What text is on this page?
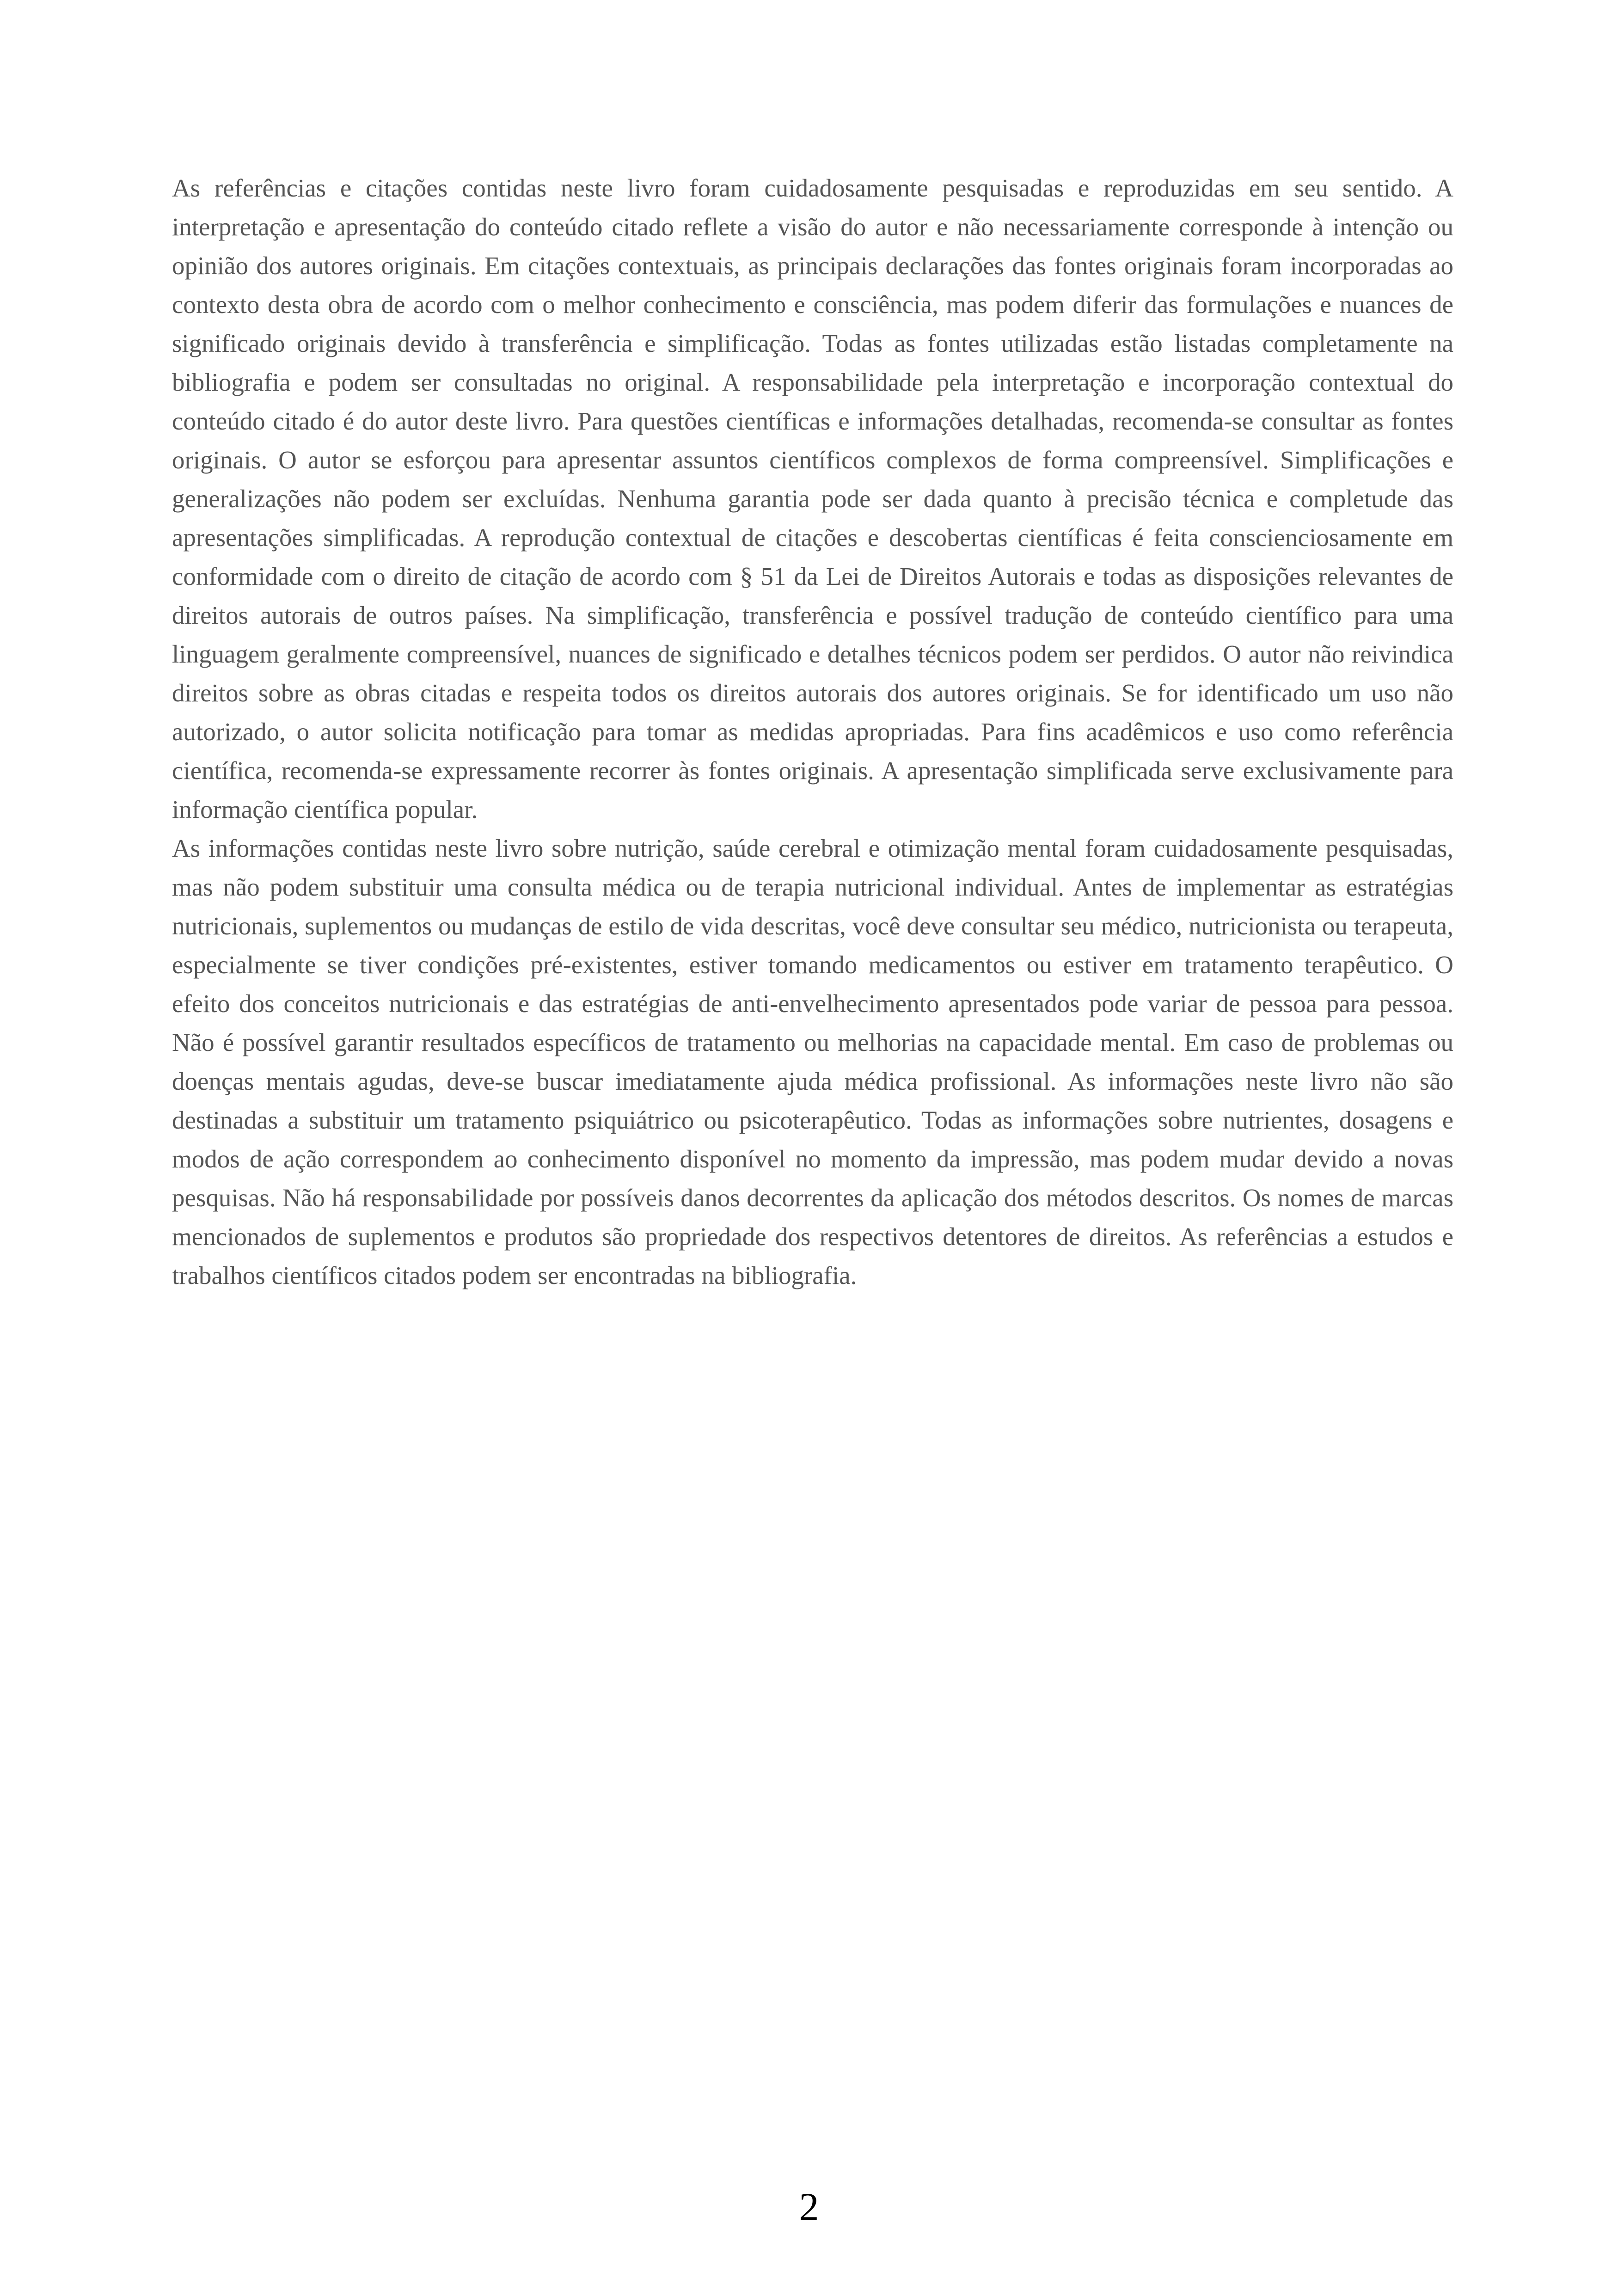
As referências e citações contidas neste livro foram cuidadosamente pesquisadas e reproduzidas em seu sentido. A interpretação e apresentação do conteúdo citado reflete a visão do autor e não necessariamente corresponde à intenção ou opinião dos autores originais. Em citações contextuais, as principais declarações das fontes originais foram incorporadas ao contexto desta obra de acordo com o melhor conhecimento e consciência, mas podem diferir das formulações e nuances de significado originais devido à transferência e simplificação. Todas as fontes utilizadas estão listadas completamente na bibliografia e podem ser consultadas no original. A responsabilidade pela interpretação e incorporação contextual do conteúdo citado é do autor deste livro. Para questões científicas e informações detalhadas, recomenda-se consultar as fontes originais. O autor se esforçou para apresentar assuntos científicos complexos de forma compreensível. Simplificações e generalizações não podem ser excluídas. Nenhuma garantia pode ser dada quanto à precisão técnica e completude das apresentações simplificadas. A reprodução contextual de citações e descobertas científicas é feita conscienciosamente em conformidade com o direito de citação de acordo com § 51 da Lei de Direitos Autorais e todas as disposições relevantes de direitos autorais de outros países. Na simplificação, transferência e possível tradução de conteúdo científico para uma linguagem geralmente compreensível, nuances de significado e detalhes técnicos podem ser perdidos. O autor não reivindica direitos sobre as obras citadas e respeita todos os direitos autorais dos autores originais. Se for identificado um uso não autorizado, o autor solicita notificação para tomar as medidas apropriadas. Para fins acadêmicos e uso como referência científica, recomenda-se expressamente recorrer às fontes originais. A apresentação simplificada serve exclusivamente para informação científica popular.

As informações contidas neste livro sobre nutrição, saúde cerebral e otimização mental foram cuidadosamente pesquisadas, mas não podem substituir uma consulta médica ou de terapia nutricional individual. Antes de implementar as estratégias nutricionais, suplementos ou mudanças de estilo de vida descritas, você deve consultar seu médico, nutricionista ou terapeuta, especialmente se tiver condições pré-existentes, estiver tomando medicamentos ou estiver em tratamento terapêutico. O efeito dos conceitos nutricionais e das estratégias de anti-envelhecimento apresentados pode variar de pessoa para pessoa. Não é possível garantir resultados específicos de tratamento ou melhorias na capacidade mental. Em caso de problemas ou doenças mentais agudas, deve-se buscar imediatamente ajuda médica profissional. As informações neste livro não são destinadas a substituir um tratamento psiquiátrico ou psicoterapêutico. Todas as informações sobre nutrientes, dosagens e modos de ação correspondem ao conhecimento disponível no momento da impressão, mas podem mudar devido a novas pesquisas. Não há responsabilidade por possíveis danos decorrentes da aplicação dos métodos descritos. Os nomes de marcas mencionados de suplementos e produtos são propriedade dos respectivos detentores de direitos. As referências a estudos e trabalhos científicos citados podem ser encontradas na bibliografia.

2
